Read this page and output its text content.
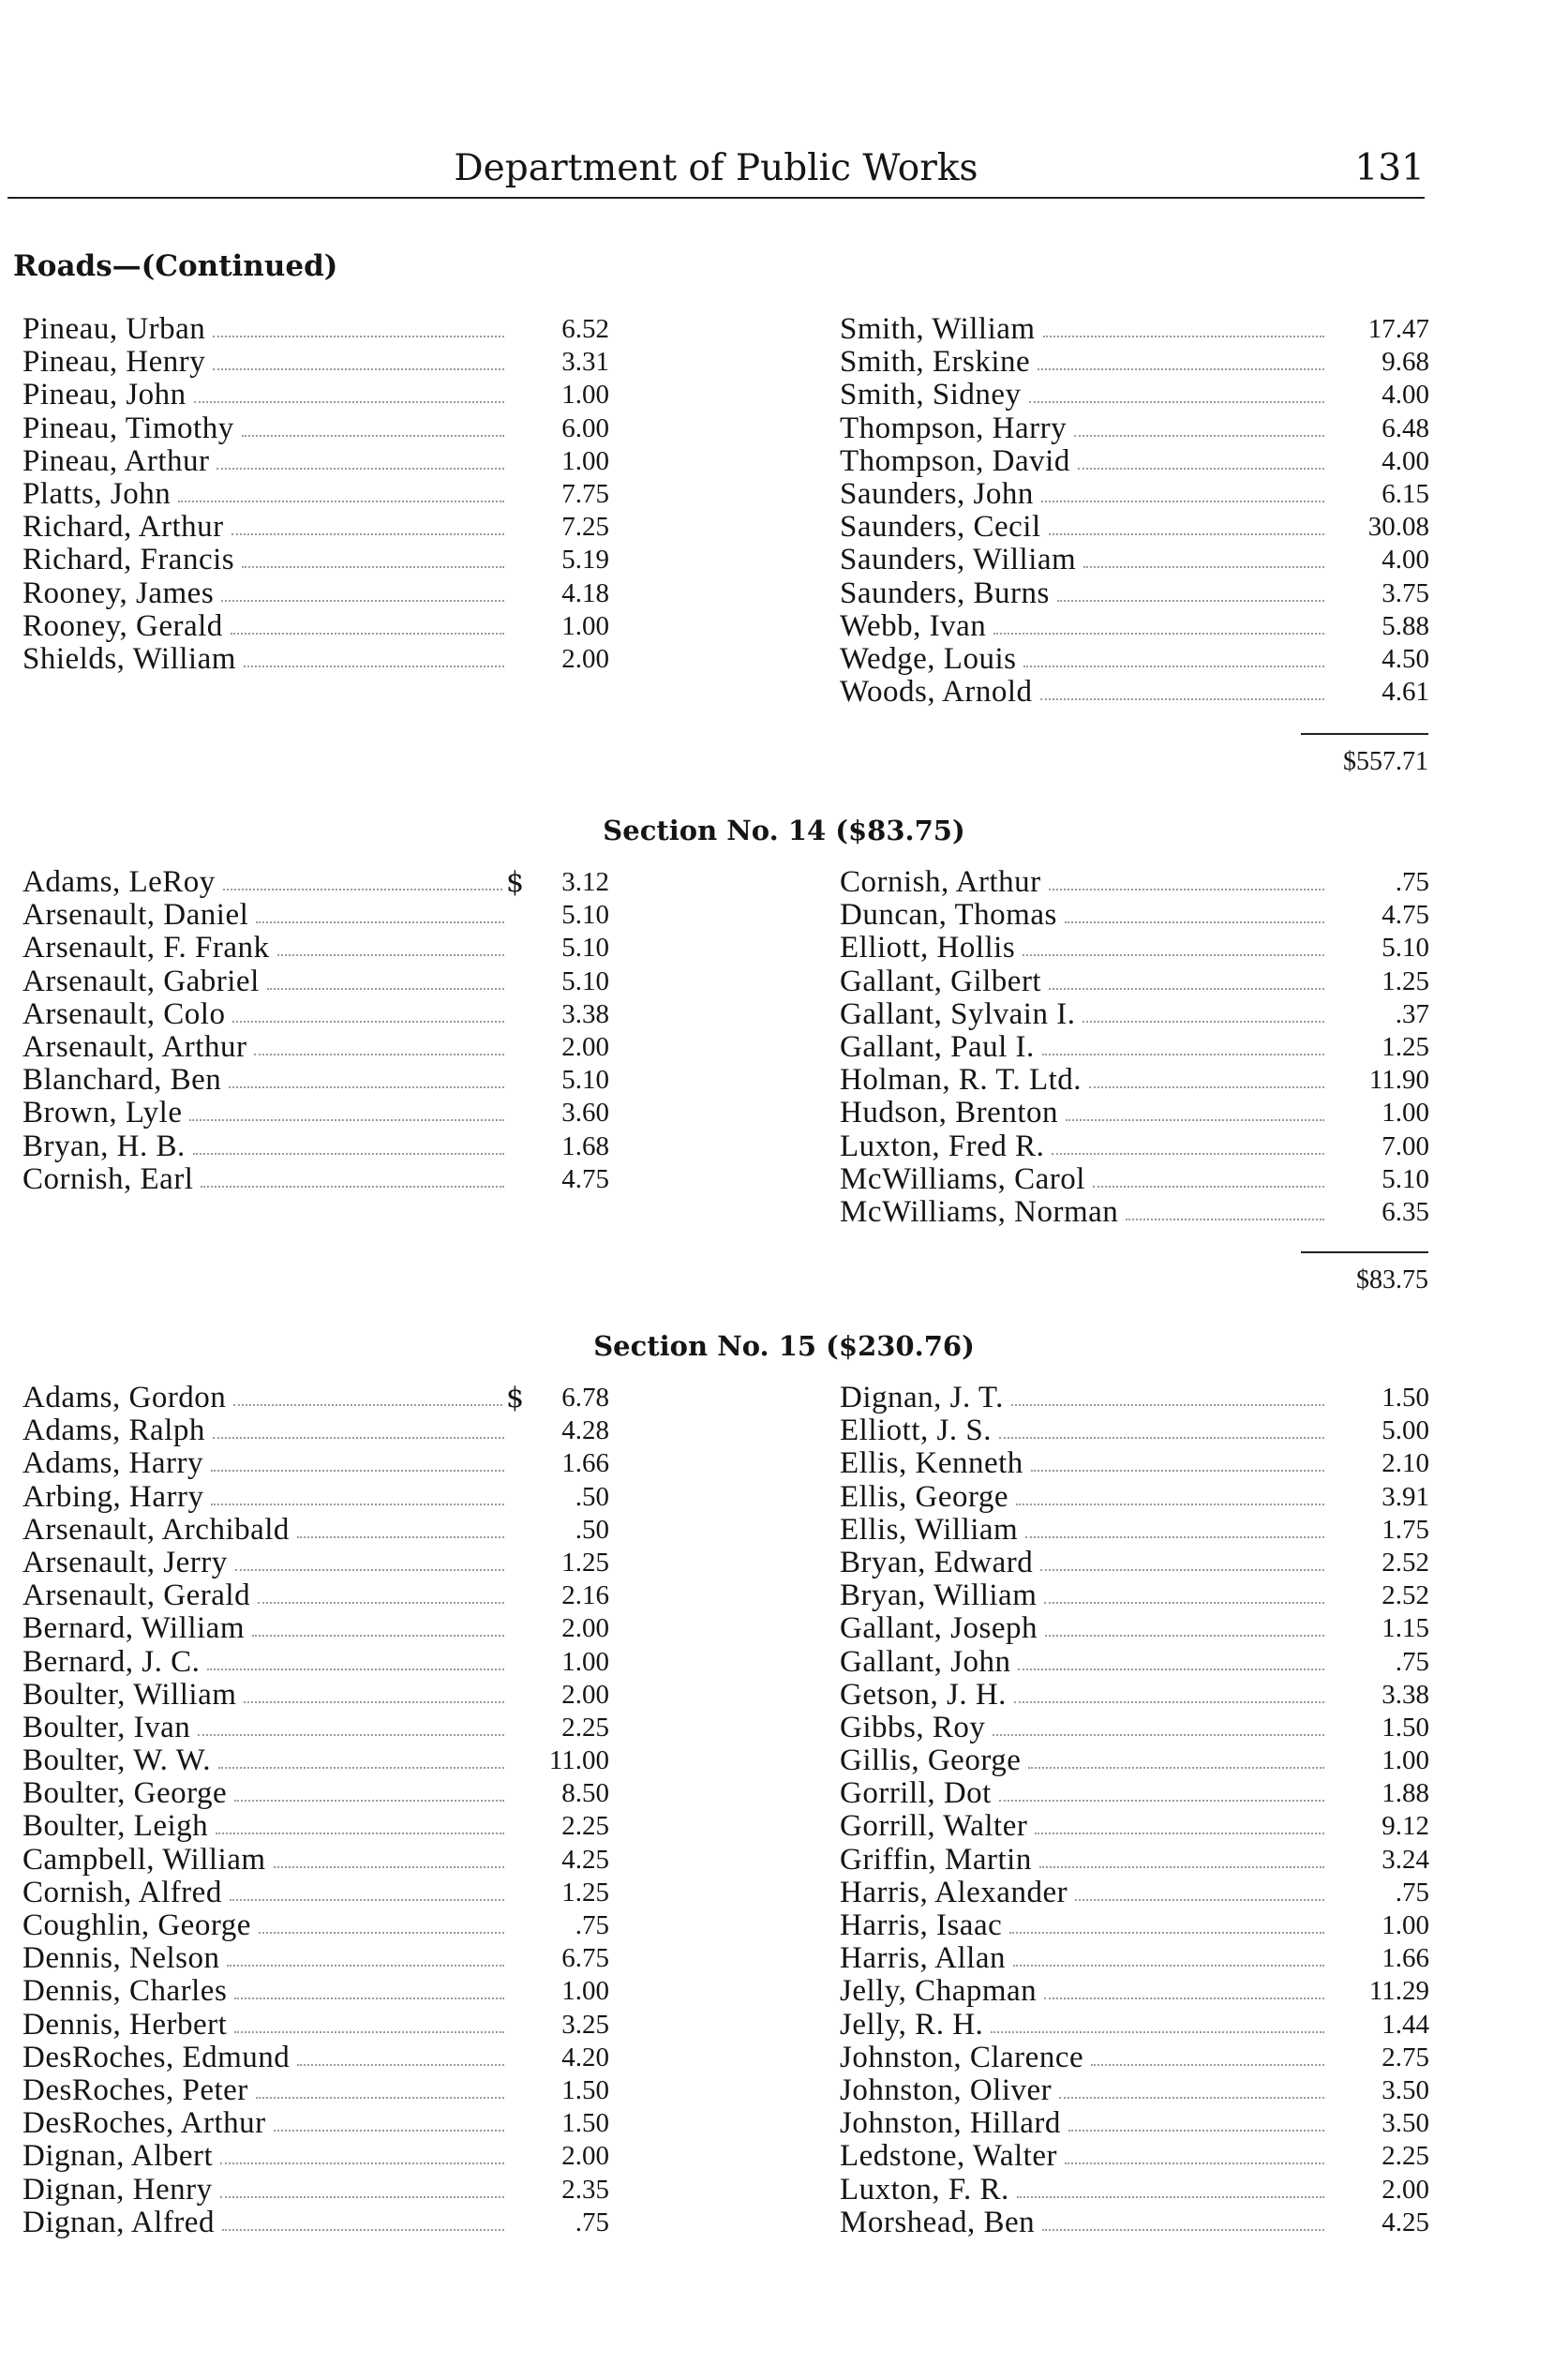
Department of Public Works	131
Roads—(Continued)
Pineau, Urban	6.52
Pineau, Henry	3.31
Pineau, John	1.00
Pineau, Timothy	6.00
Pineau, Arthur	1.00
Platts, John	7.75
Richard, Arthur	7.25
Richard, Francis	5.19
Rooney, James	4.18
Rooney, Gerald	1.00
Shields, William	2.00
Smith, William	17.47
Smith, Erskine	9.68
Smith, Sidney	4.00
Thompson, Harry	6.48
Thompson, David	4.00
Saunders, John	6.15
Saunders, Cecil	30.08
Saunders, William	4.00
Saunders, Burns	3.75
Webb, Ivan	5.88
Wedge, Louis	4.50
Woods, Arnold	4.61
$557.71
Section No. 14 ($83.75)
Adams, LeRoy	$ 3.12
Arsenault, Daniel	5.10
Arsenault, F. Frank	5.10
Arsenault, Gabriel	5.10
Arsenault, Colo	3.38
Arsenault, Arthur	2.00
Blanchard, Ben	5.10
Brown, Lyle	3.60
Bryan, H. B.	1.68
Cornish, Earl	4.75
Cornish, Arthur	.75
Duncan, Thomas	4.75
Elliott, Hollis	5.10
Gallant, Gilbert	1.25
Gallant, Sylvain I.	.37
Gallant, Paul I.	1.25
Holman, R. T. Ltd.	11.90
Hudson, Brenton	1.00
Luxton, Fred R.	7.00
McWilliams, Carol	5.10
McWilliams, Norman	6.35
$83.75
Section No. 15 ($230.76)
Adams, Gordon	$ 6.78
Adams, Ralph	4.28
Adams, Harry	1.66
Arbing, Harry	.50
Arsenault, Archibald	.50
Arsenault, Jerry	1.25
Arsenault, Gerald	2.16
Bernard, William	2.00
Bernard, J. C.	1.00
Boulter, William	2.00
Boulter, Ivan	2.25
Boulter, W. W.	11.00
Boulter, George	8.50
Boulter, Leigh	2.25
Campbell, William	4.25
Cornish, Alfred	1.25
Coughlin, George	.75
Dennis, Nelson	6.75
Dennis, Charles	1.00
Dennis, Herbert	3.25
DesRoches, Edmund	4.20
DesRoches, Peter	1.50
DesRoches, Arthur	1.50
Dignan, Albert	2.00
Dignan, Henry	2.35
Dignan, Alfred	.75
Dignan, J. T.	1.50
Elliott, J. S.	5.00
Ellis, Kenneth	2.10
Ellis, George	3.91
Ellis, William	1.75
Bryan, Edward	2.52
Bryan, William	2.52
Gallant, Joseph	1.15
Gallant, John	.75
Getson, J. H.	3.38
Gibbs, Roy	1.50
Gillis, George	1.00
Gorrill, Dot	1.88
Gorrill, Walter	9.12
Griffin, Martin	3.24
Harris, Alexander	.75
Harris, Isaac	1.00
Harris, Allan	1.66
Jelly, Chapman	11.29
Jelly, R. H.	1.44
Johnston, Clarence	2.75
Johnston, Oliver	3.50
Johnston, Hillard	3.50
Ledstone, Walter	2.25
Luxton, F. R.	2.00
Morshead, Ben	4.25
